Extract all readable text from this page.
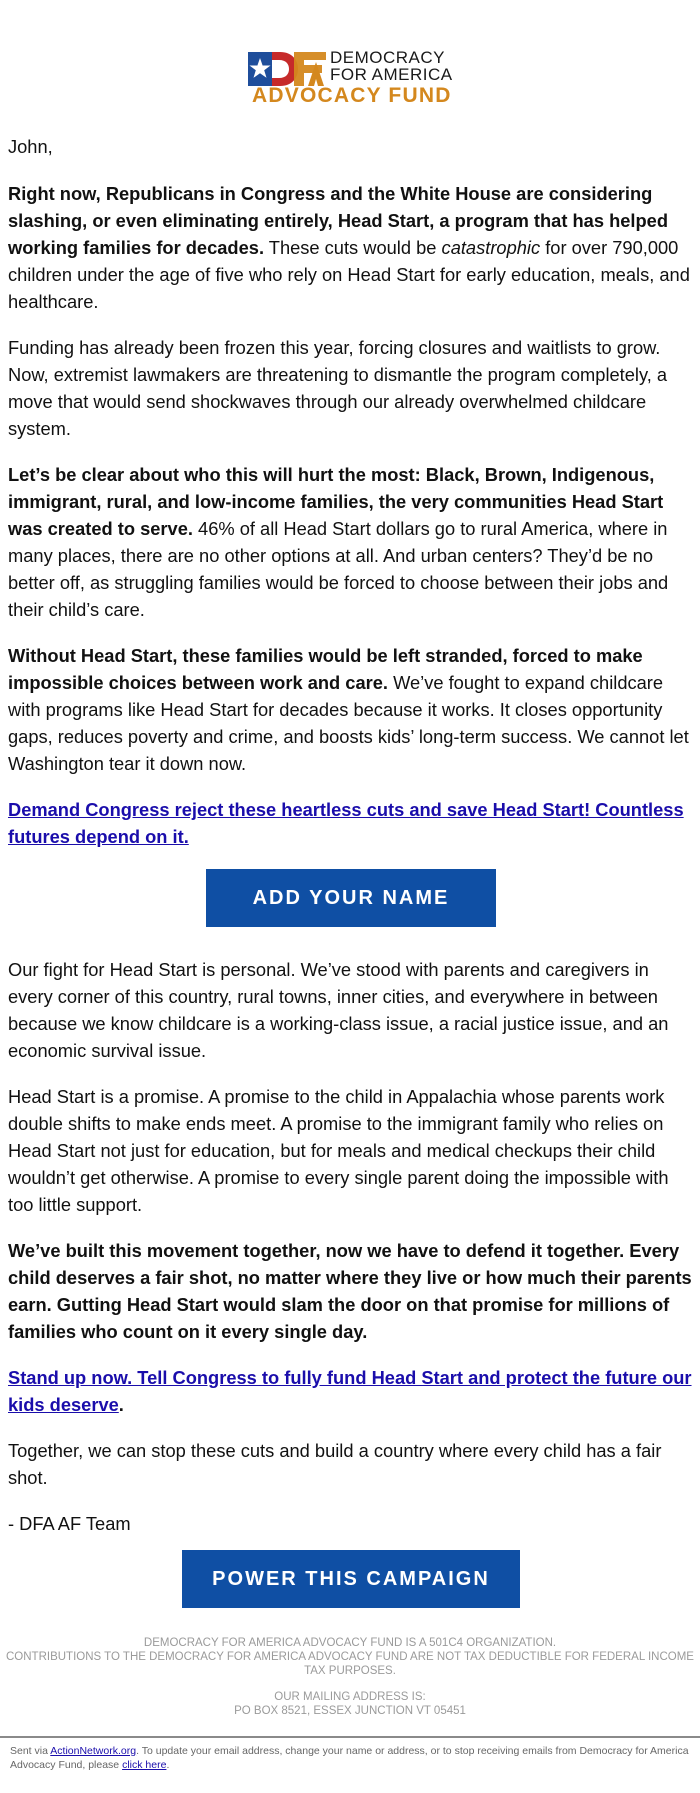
DEMOCRACY
FOR AMERICA
ADVOCACY FUND

John,

Right now, Republicans in Congress and the White House are considering slashing, or even eliminating entirely, Head Start, a program that has helped working families for decades. These cuts would be catastrophic for over 790,000 children under the age of five who rely on Head Start for early education, meals, and healthcare.

Funding has already been frozen this year, forcing closures and waitlists to grow. Now, extremist lawmakers are threatening to dismantle the program completely, a move that would send shockwaves through our already overwhelmed childcare system.

Let’s be clear about who this will hurt the most: Black, Brown, Indigenous, immigrant, rural, and low-income families, the very communities Head Start was created to serve. 46% of all Head Start dollars go to rural America, where in many places, there are no other options at all. And urban centers? They’d be no better off, as struggling families would be forced to choose between their jobs and their child’s care.

Without Head Start, these families would be left stranded, forced to make impossible choices between work and care. We’ve fought to expand childcare with programs like Head Start for decades because it works. It closes opportunity gaps, reduces poverty and crime, and boosts kids’ long-term success. We cannot let Washington tear it down now.

Demand Congress reject these heartless cuts and save Head Start! Countless futures depend on it.

ADD YOUR NAME

Our fight for Head Start is personal. We’ve stood with parents and caregivers in every corner of this country, rural towns, inner cities, and everywhere in between because we know childcare is a working-class issue, a racial justice issue, and an economic survival issue.

Head Start is a promise. A promise to the child in Appalachia whose parents work double shifts to make ends meet. A promise to the immigrant family who relies on Head Start not just for education, but for meals and medical checkups their child wouldn’t get otherwise. A promise to every single parent doing the impossible with too little support.

We’ve built this movement together, now we have to defend it together. Every child deserves a fair shot, no matter where they live or how much their parents earn. Gutting Head Start would slam the door on that promise for millions of families who count on it every single day.

Stand up now. Tell Congress to fully fund Head Start and protect the future our kids deserve.

Together, we can stop these cuts and build a country where every child has a fair shot.

- DFA AF Team

POWER THIS CAMPAIGN
DEMOCRACY FOR AMERICA ADVOCACY FUND IS A 501C4 ORGANIZATION.
CONTRIBUTIONS TO THE DEMOCRACY FOR AMERICA ADVOCACY FUND ARE NOT TAX DEDUCTIBLE FOR FEDERAL INCOME TAX PURPOSES.
OUR MAILING ADDRESS IS:
PO BOX 8521, ESSEX JUNCTION VT 05451
Sent via ActionNetwork.org. To update your email address, change your name or address, or to stop receiving emails from Democracy for America Advocacy Fund, please click here.
